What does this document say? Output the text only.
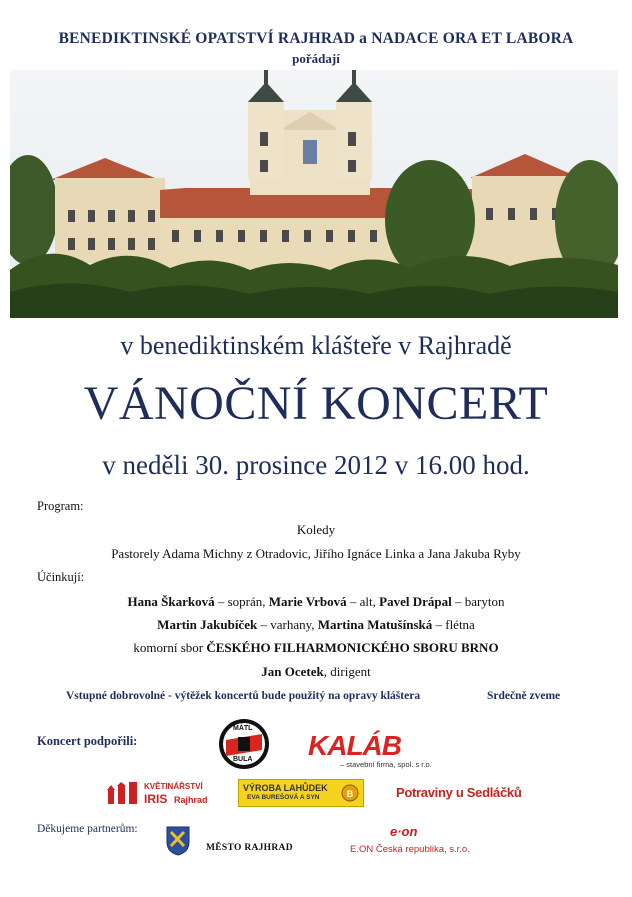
BENEDIKTINSKÉ OPATSTVÍ RAJHRAD a NADACE ORA ET LABORA
pořádají
v benediktinském klášteře v Rajhradě
VÁNOČNÍ KONCERT
v neděli 30. prosince 2012 v 16.00 hod.
Program:
Koledy
Pastorely Adama Michny z Otradovic, Jiřího Ignáce Linka a Jana Jakuba Ryby
Účinkují:
Hana Škarková – soprán, Marie Vrbová – alt, Pavel Drápal – baryton
Martin Jakubíček – varhany, Martina Matušínská – flétna
komorní sbor ČESKÉHO FILHARMONICKÉHO SBORU BRNO
Jan Ocetek, dirigent
Vstupné dobrovolné - výtěžek koncertů bude použitý na opravy kláštera	Srdečně zveme
Koncert podpořili:
MÁTL
BULA KALÁB
– stavební firma, spol. s r.o.
KVĚTINÁŘSTVÍ
IRIS Rajhrad
VÝROBA LAHŮDEK
EVA BUREŠOVÁ A SYN	B	Potraviny u Sedláčků
Děkujeme partnerům:
MĚSTO RAJHRAD
e·on
E.ON Česká republika, s.r.o.
